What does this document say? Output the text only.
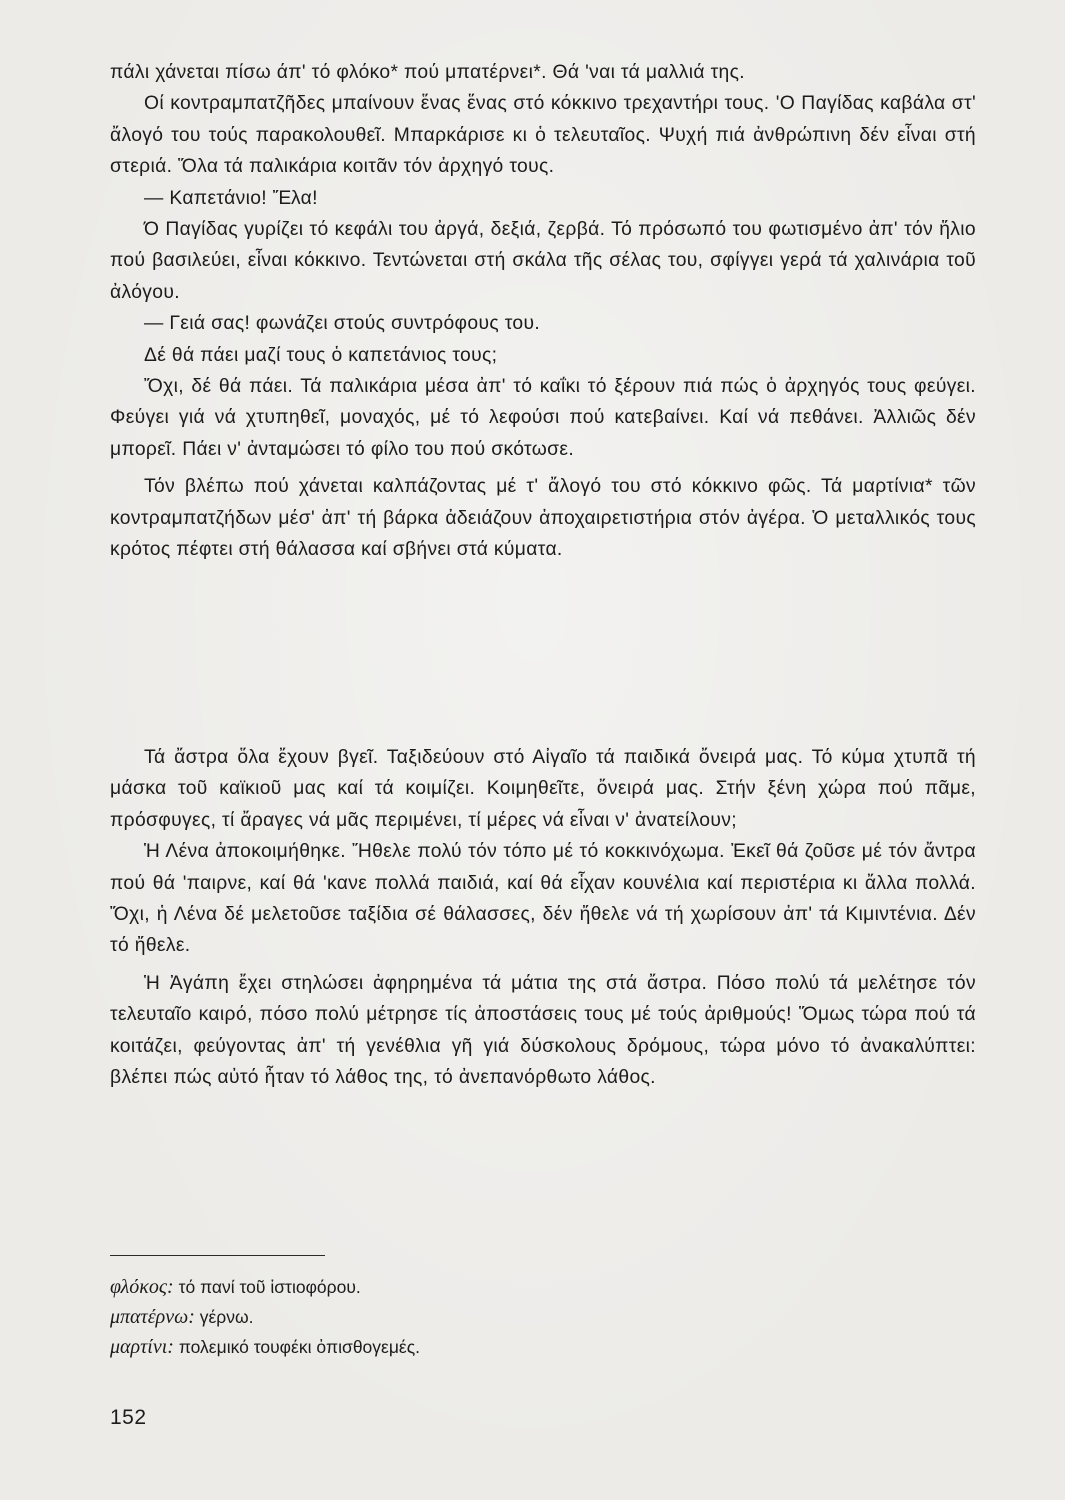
πάλι χάνεται πίσω άπ' τό φλόκο* πού μπατέρνει*. Θά 'ναι τά μαλλιά της.

Οί κοντραμπατζῆδες μπαίνουν ἕνας ἕνας στό κόκκινο τρεχαντήρι τους. 'Ο Παγίδας καβάλα στ' ἄλογό του τούς παρακολουθεῖ. Μπαρκάρισε κι ὁ τελευταῖος. Ψυχή πιά ἀνθρώπινη δέν εἶναι στή στεριά. Ὅλα τά παλικάρια κοιτᾶν τόν ἀρχηγό τους.

— Καπετάνιο! Ἔλα!

Ό Παγίδας γυρίζει τό κεφάλι του ἀργά, δεξιά, ζερβά. Τό πρόσωπό του φωτισμένο ἀπ' τόν ἥλιο πού βασιλεύει, εἶναι κόκκινο. Τεντώνεται στή σκάλα τῆς σέλας του, σφίγγει γερά τά χαλινάρια τοῦ ἀλόγου.

— Γειά σας! φωνάζει στούς συντρόφους του.

Δέ θά πάει μαζί τους ὁ καπετάνιος τους;

Ὄχι, δέ θά πάει. Τά παλικάρια μέσα ἀπ' τό καΐκι τό ξέρουν πιά πώς ὁ ἀρχηγός τους φεύγει. Φεύγει γιά νά χτυπηθεῖ, μοναχός, μέ τό λεφούσι πού κατεβαίνει. Καί νά πεθάνει. Ἀλλιῶς δέν μπορεῖ. Πάει ν' ἀνταμώσει τό φίλο του πού σκότωσε.

Τόν βλέπω πού χάνεται καλπάζοντας μέ τ' ἄλογό του στό κόκκινο φῶς. Τά μαρτίνια* τῶν κοντραμπατζήδων μέσ' ἀπ' τή βάρκα ἀδειάζουν ἀποχαιρετιστήρια στόν ἀγέρα. Ὁ μεταλλικός τους κρότος πέφτει στή θάλασσα καί σβήνει στά κύματα.

Τά ἄστρα ὅλα ἔχουν βγεῖ. Ταξιδεύουν στό Αἰγαῖο τά παιδικά ὄνειρά μας. Τό κύμα χτυπᾶ τή μάσκα τοῦ καϊκιοῦ μας καί τά κοιμίζει. Κοιμηθεῖτε, ὄνειρά μας. Στήν ξένη χώρα πού πᾶμε, πρόσφυγες, τί ἄραγες νά μᾶς περιμένει, τί μέρες νά εἶναι ν' ἀνατείλουν;

Ἡ Λένα ἀποκοιμήθηκε. Ἤθελε πολύ τόν τόπο μέ τό κοκκινόχωμα. Ἐκεῖ θά ζοῦσε μέ τόν ἄντρα πού θά 'παιρνε, καί θά 'κανε πολλά παιδιά, καί θά εἶχαν κουνέλια καί περιστέρια κι ἄλλα πολλά. Ὄχι, ἡ Λένα δέ μελετοῦσε ταξίδια σέ θάλασσες, δέν ἤθελε νά τή χωρίσουν ἀπ' τά Κιμιντένια. Δέν τό ἤθελε.

Ἡ Ἀγάπη ἔχει στηλώσει ἀφηρημένα τά μάτια της στά ἄστρα. Πόσο πολύ τά μελέτησε τόν τελευταῖο καιρό, πόσο πολύ μέτρησε τίς ἀποστάσεις τους μέ τούς ἀριθμούς! Ὅμως τώρα πού τά κοιτάζει, φεύγοντας ἀπ' τή γενέθλια γῆ γιά δύσκολους δρόμους, τώρα μόνο τό ἀνακαλύπτει: βλέπει πώς αὐτό ἦταν τό λάθος της, τό ἀνεπανόρθωτο λάθος.

φλόκος: τό πανί τοῦ ἱστιοφόρου.
μπατέρνω: γέρνω.
μαρτίνι: πολεμικό τουφέκι ὀπισθογεμές.
152
